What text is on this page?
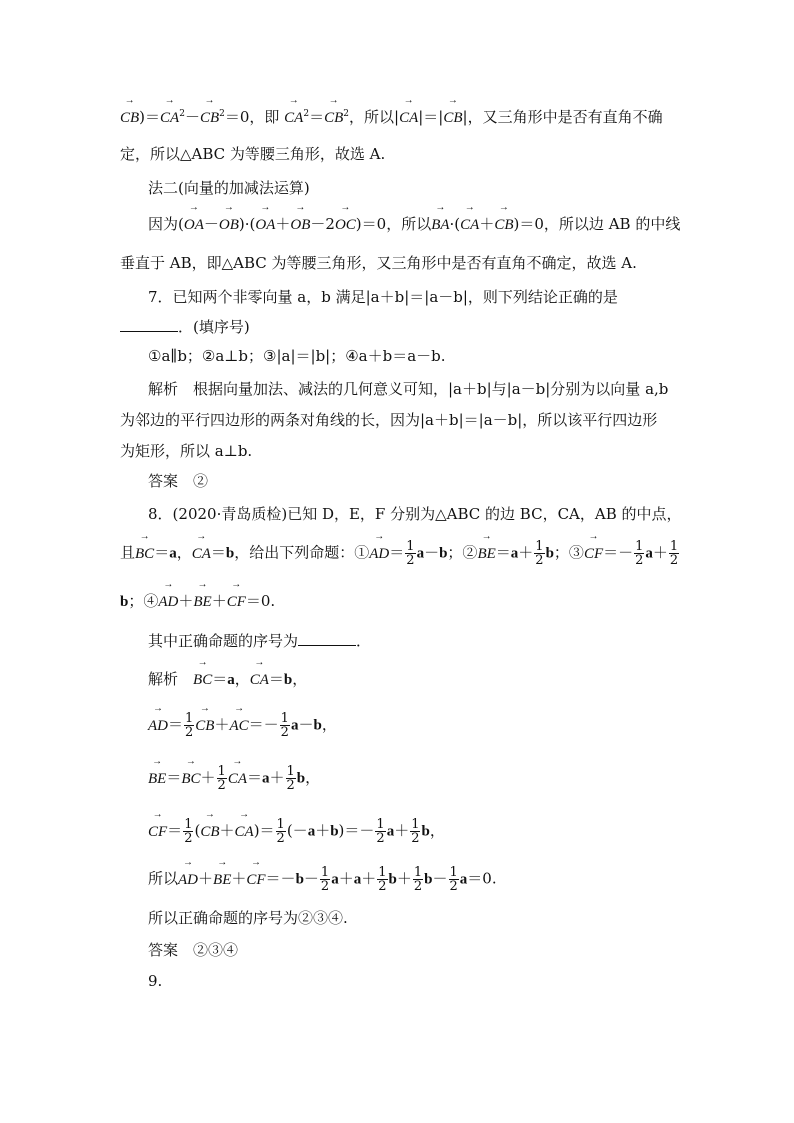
→ $CB)=\to CA^2-\to CB^2=0$，即 → $CA^2=\to CB^2$，所以|→ CA|＝|→ CB|，又三角形中是否有直角不确
定，所以△ABC 为等腰三角形，故选 A.
法二(向量的加减法运算)
因为(→ OA－→ OB)·(→ OA＋→ OB－2→ OC)＝0，所以→ BA·(→ CA＋→ CB)＝0，所以边 AB 的中线
垂直于 AB，即△ABC 为等腰三角形，又三角形中是否有直角不确定，故选 A.
7．已知两个非零向量 a，b 满足|a＋b|＝|a－b|，则下列结论正确的是
．(填序号)
①a∥b；②a⊥b；③|a|＝|b|；④a＋b＝a－b.
解析　根据向量加法、减法的几何意义可知，|a＋b|与|a－b|分别为以向量 a,b
为邻边的平行四边形的两条对角线的长，因为|a＋b|＝|a－b|，所以该平行四边形
为矩形，所以 a⊥b.
答案　②
8．(2020·青岛质检)已知 D，E，F 分别为△ABC 的边 BC，CA，AB 的中点，
且→ BC＝a，→ CA＝b，给出下列命题：①→ $AD= \frac{1}{2} a-b$；②→ $BE=a+ \frac{1}{2}$ b；③→ $CF=- \frac{1}{2} a+ \frac{1}{2}$
b；④→ AD＋→ BE＋→ CF＝0.
其中正确命题的序号为	．
解析　→ BC＝a，→ CA＝b，
→ $AD= \frac{1}{2}$
→ $CB+\to AC=- \frac{1}{2} a-b$，
→ $BE=\to BC+ \frac{1}{2}$
→ $CA=a+ \frac{1}{2}$ b，
→ $CF= \frac{1}{2}$ (→ $CB+\to CA)= \frac{1}{2} (-a+b)=- \frac{1}{2} a+ \frac{1}{2}$ b，
所以→ $AD+\to BE+\to CF=-b- \frac{1}{2} a+a+ \frac{1}{2} b+ \frac{1}{2} b- \frac{1}{2} a=0$.
所以正确命题的序号为②③④.
答案　②③④
9.
